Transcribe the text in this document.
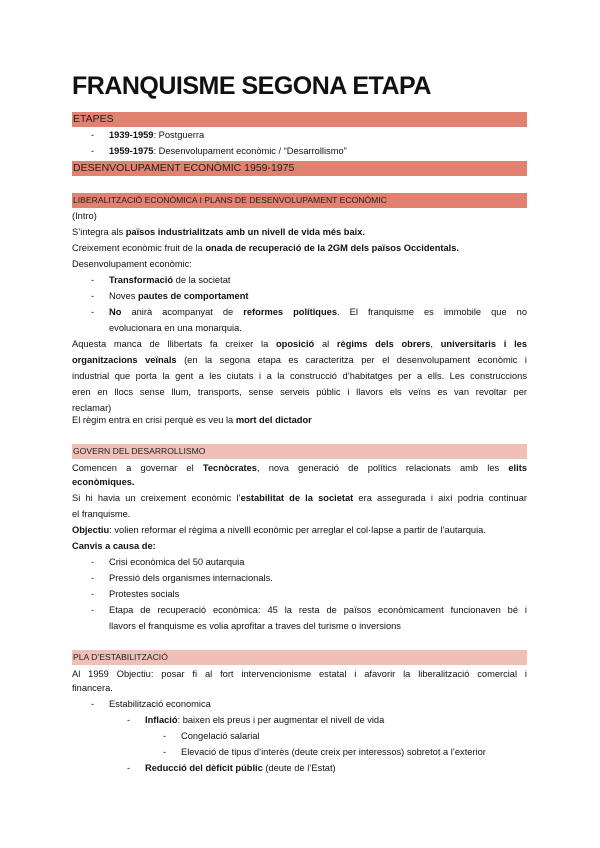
FRANQUISME SEGONA ETAPA
ETAPES
- 1939-1959: Postguerra
- 1959-1975: Desenvolupament econòmic / “Desarrollismo”
DESENVOLUPAMENT ECONÒMIC 1959-1975
LIBERALITZACIÓ ECONÒMICA I PLANS DE DESENVOLUPAMENT ECONÒMIC
(Intro)
S’integra als països industrialitzats amb un nivell de vida més baix.
Creixement econòmic fruit de la onada de recuperació de la 2GM dels països Occidentals.
Desenvolupament econòmic:
- Transformació de la societat
- Noves pautes de comportament
- No anirà acompanyat de reformes polítiques. El franquisme es immobile que no
evolucionara en una monarquia.
Aquesta manca de llibertats fa creixer la oposició al règims dels obrers, universitaris i les
organitzacions veïnals (en la segona etapa es caracteritza per el desenvolupament econòmic i
industrial que porta la gent a les ciutats i a la construcció d’habitatges per a ells. Les construccions
eren en llocs sense llum, transports, sense serveis públic i llavors els veïns es van revoltar per
reclamar)
El règim entra en crisi perquè es veu la mort del dictador
GOVERN DEL DESARROLLISMO
Comencen a governar el Tecnòcrates, nova generació de polítics relacionats amb les elits
econòmiques.
Si hi havia un creixement econòmic l’estabilitat de la societat era assegurada i així podria continuar
el franquisme.
Objectiu: volien reformar el règima a nivelll econòmic per arreglar el col·lapse a partir de l’autarquia.
Canvis a causa de:
- Crisi econòmica del 50 autarquia
- Pressió dels organismes internacionals.
- Protestes socials
- Etapa de recuperació econòmica: 45 la resta de països econòmicament funcionaven bé i
llavors el franquisme es volia aprofitar a traves del turisme o inversions
PLA D’ESTABILITZACIÓ
Al 1959 Objectiu: posar fi al fort intervencionisme estatal i afavorir la liberalització comercial i
financera.
- Estabilització economica
- Inflació: baixen els preus i per augmentar el nivell de vida
- Congelació salarial
- Elevació de tipus d’interès (deute creix per interessos) sobretot a l’exterior
- Reducció del dèficit públic (deute de l’Estat)
